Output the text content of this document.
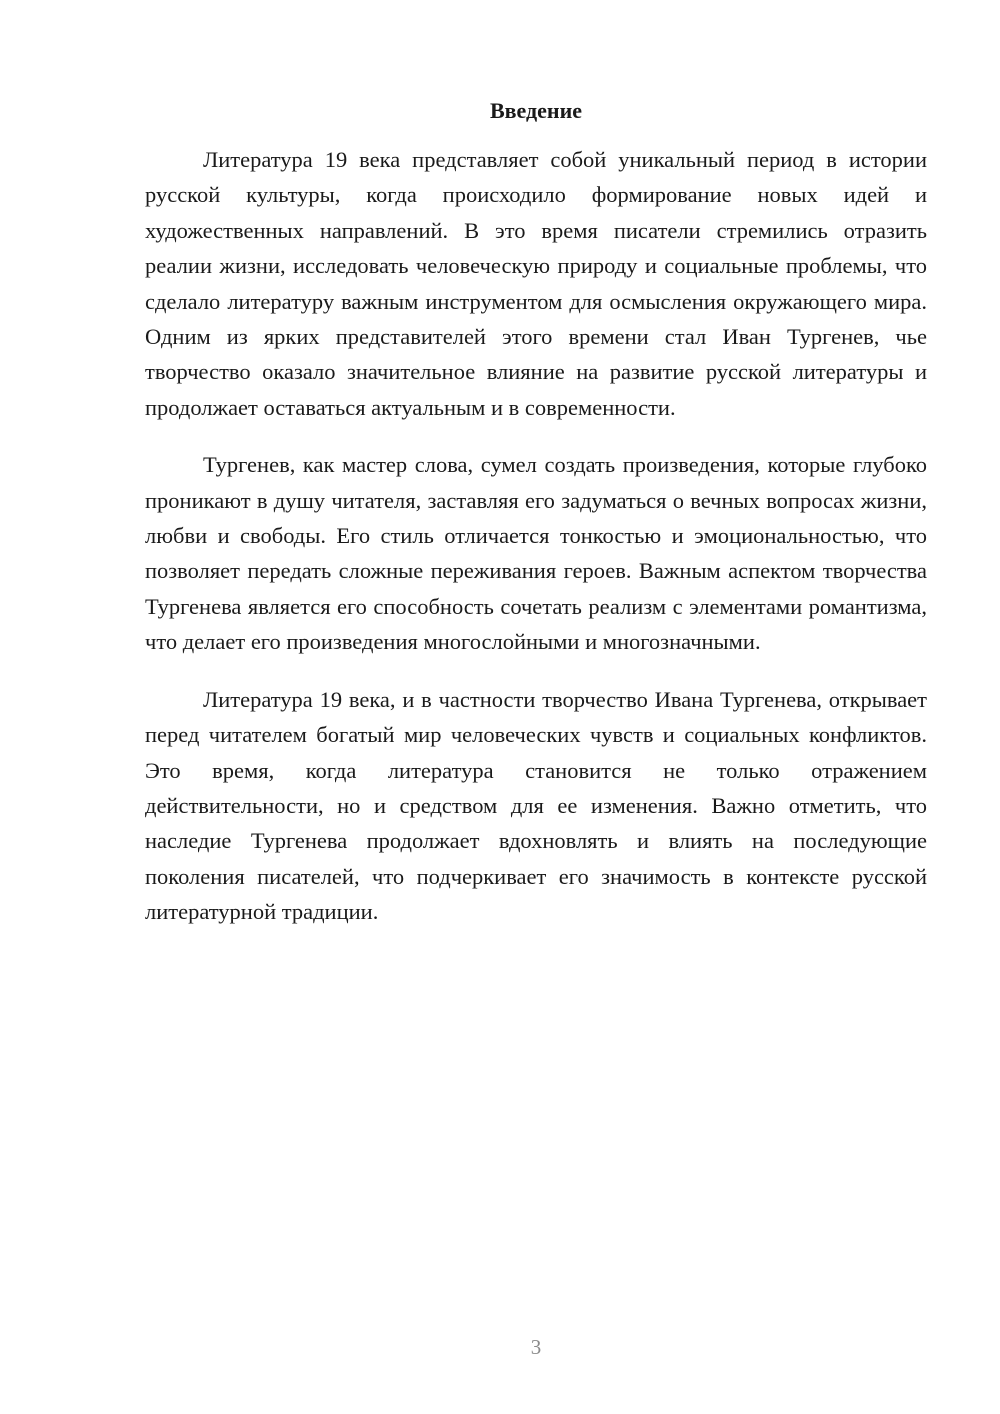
Введение

Литература 19 века представляет собой уникальный период в истории русской культуры, когда происходило формирование новых идей и художественных направлений. В это время писатели стремились отразить реалии жизни, исследовать человеческую природу и социальные проблемы, что сделало литературу важным инструментом для осмысления окружающего мира. Одним из ярких представителей этого времени стал Иван Тургенев, чье творчество оказало значительное влияние на развитие русской литературы и продолжает оставаться актуальным и в современности.

Тургенев, как мастер слова, сумел создать произведения, которые глубоко проникают в душу читателя, заставляя его задуматься о вечных вопросах жизни, любви и свободы. Его стиль отличается тонкостью и эмоциональностью, что позволяет передать сложные переживания героев. Важным аспектом творчества Тургенева является его способность сочетать реализм с элементами романтизма, что делает его произведения многослойными и многозначными.

Литература 19 века, и в частности творчество Ивана Тургенева, открывает перед читателем богатый мир человеческих чувств и социальных конфликтов. Это время, когда литература становится не только отражением действительности, но и средством для ее изменения. Важно отметить, что наследие Тургенева продолжает вдохновлять и влиять на последующие поколения писателей, что подчеркивает его значимость в контексте русской литературной традиции.

3
